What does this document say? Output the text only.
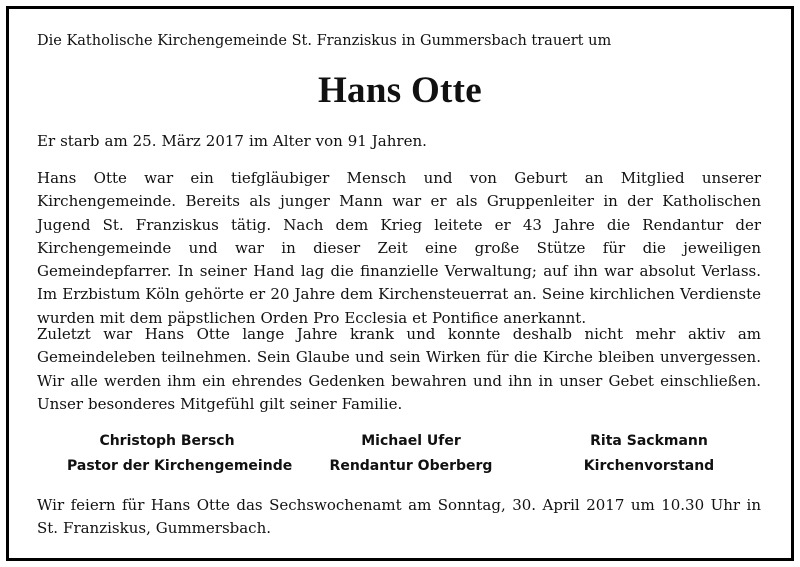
Die Katholische Kirchengemeinde St. Franziskus in Gummersbach trauert um
Hans Otte
Er starb am 25. März 2017 im Alter von 91 Jahren.
Hans Otte war ein tiefgläubiger Mensch und von Geburt an Mitglied unserer Kirchengemeinde. Bereits als junger Mann war er als Gruppenleiter in der Katholischen Jugend St. Franziskus tätig. Nach dem Krieg leitete er 43 Jahre die Rendantur der Kirchengemeinde und war in dieser Zeit eine große Stütze für die jeweiligen Gemeindepfarrer. In seiner Hand lag die finanzielle Verwaltung; auf ihn war absolut Verlass. Im Erzbistum Köln gehörte er 20 Jahre dem Kirchensteuerrat an. Seine kirchlichen Verdienste wurden mit dem päpstlichen Orden Pro Ecclesia et Pontifice anerkannt.
Zuletzt war Hans Otte lange Jahre krank und konnte deshalb nicht mehr aktiv am Gemeindeleben teilnehmen. Sein Glaube und sein Wirken für die Kirche bleiben unvergessen. Wir alle werden ihm ein ehrendes Gedenken bewahren und ihn in unser Gebet einschließen. Unser besonderes Mitgefühl gilt seiner Familie.
Christoph Bersch
Pastor der Kirchengemeinde
Michael Ufer
Rendantur Oberberg
Rita Sackmann
Kirchenvorstand
Wir feiern für Hans Otte das Sechswochenamt am Sonntag, 30. April 2017 um 10.30 Uhr in St. Franziskus, Gummersbach.
